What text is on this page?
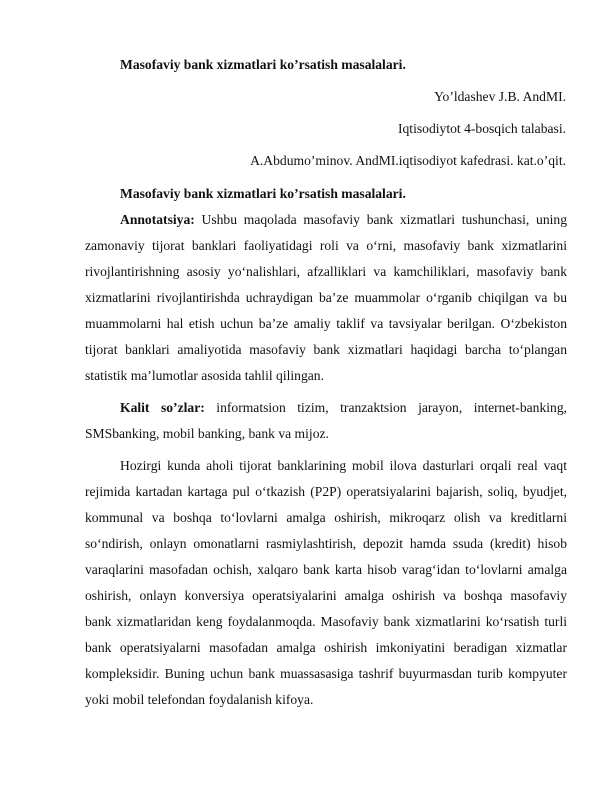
Masofaviy bank xizmatlari ko’rsatish masalalari.
Yo’ldashev J.B. AndMI.
Iqtisodiytot 4-bosqich talabasi.
A.Abdumo’minov. AndMI.iqtisodiyot kafedrasi. kat.o’qit.
Masofaviy bank xizmatlari ko’rsatish masalalari.
Annotatsiya: Ushbu maqolada masofaviy bank xizmatlari tushunchasi, uning
zamonaviy tijorat banklari faoliyatidagi roli va o‘rni, masofaviy bank xizmatlarini
rivojlantirishning asosiy yo‘nalishlari, afzalliklari va kamchiliklari, masofaviy bank
xizmatlarini rivojlantirishda uchraydigan ba’ze muammolar o‘rganib chiqilgan va bu
muammolarni hal etish uchun ba’ze amaliy taklif va tavsiyalar berilgan. O‘zbekiston
tijorat banklari amaliyotida masofaviy bank xizmatlari haqidagi barcha to‘plangan
statistik ma’lumotlar asosida tahlil qilingan.
Kalit so’zlar: informatsion tizim, tranzaktsion jarayon, internet-banking,
SMSbanking, mobil banking, bank va mijoz.
Hozirgi kunda aholi tijorat banklarining mobil ilova dasturlari orqali real vaqt
rejimida kartadan kartaga pul o‘tkazish (P2P) operatsiyalarini bajarish, soliq, byudjet,
kommunal va boshqa to‘lovlarni amalga oshirish, mikroqarz olish va kreditlarni
so‘ndirish, onlayn omonatlarni rasmiylashtirish, depozit hamda ssuda (kredit) hisob
varaqlarini masofadan ochish, xalqaro bank karta hisob varag‘idan to‘lovlarni amalga
oshirish, onlayn konversiya operatsiyalarini amalga oshirish va boshqa masofaviy
bank xizmatlaridan keng foydalanmoqda. Masofaviy bank xizmatlarini ko‘rsatish turli
bank operatsiyalarni masofadan amalga oshirish imkoniyatini beradigan xizmatlar
kompleksidir. Buning uchun bank muassasasiga tashrif buyurmasdan turib kompyuter
yoki mobil telefondan foydalanish kifoya.
